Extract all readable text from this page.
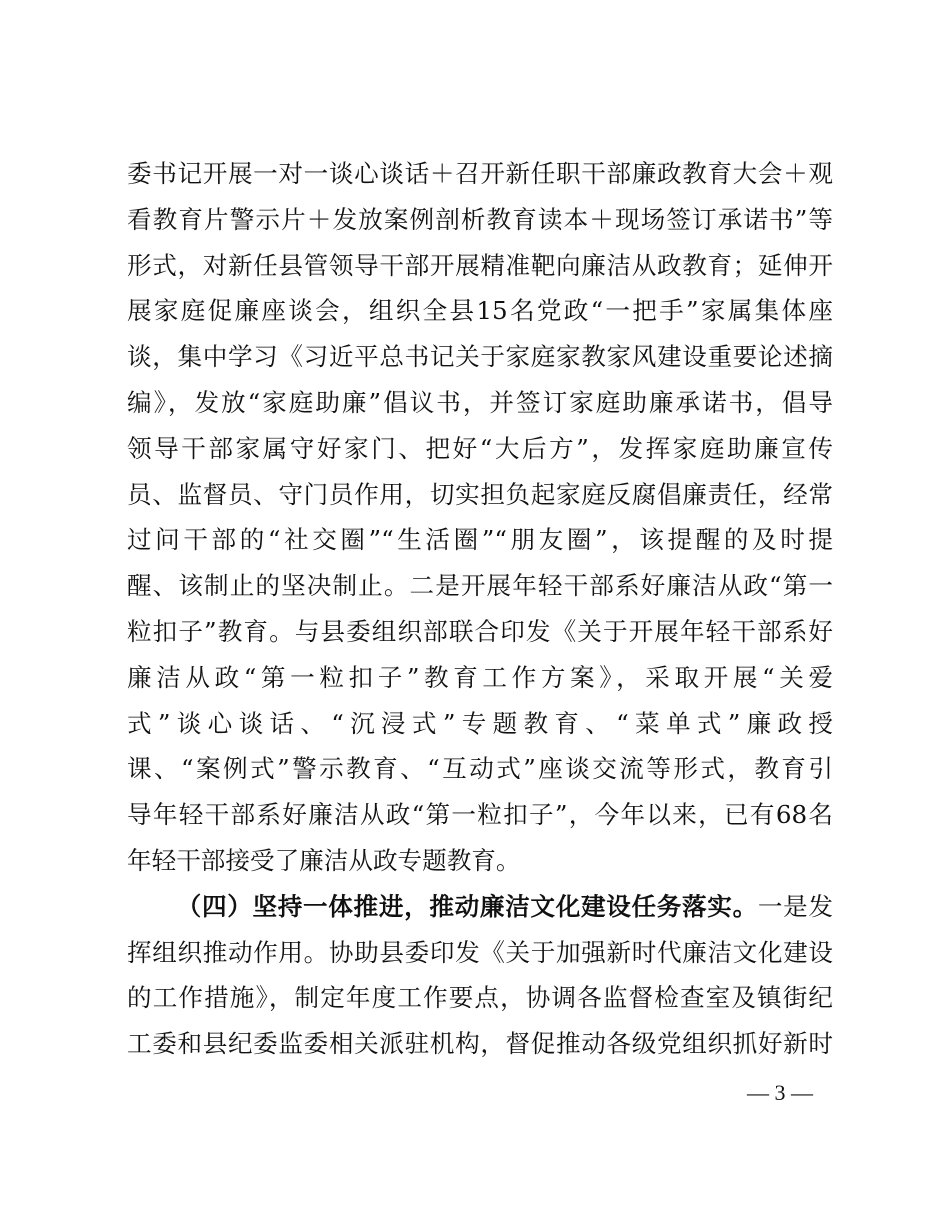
委书记开展一对一谈心谈话＋召开新任职干部廉政教育大会＋观
看教育片警示片＋发放案例剖析教育读本＋现场签订承诺书”等
形式，对新任县管领导干部开展精准靶向廉洁从政教育；延伸开
展家庭促廉座谈会，组织全县15名党政“一把手”家属集体座
谈，集中学习《习近平总书记关于家庭家教家风建设重要论述摘
编》，发放“家庭助廉”倡议书，并签订家庭助廉承诺书，倡导
领导干部家属守好家门、把好“大后方”，发挥家庭助廉宣传
员、监督员、守门员作用，切实担负起家庭反腐倡廉责任，经常
过问干部的“社交圈”“生活圈”“朋友圈”，该提醒的及时提
醒、该制止的坚决制止。二是开展年轻干部系好廉洁从政“第一
粒扣子”教育。与县委组织部联合印发《关于开展年轻干部系好
廉洁从政“第一粒扣子”教育工作方案》，采取开展“关爱
式”谈心谈话、“沉浸式”专题教育、“菜单式”廉政授
课、“案例式”警示教育、“互动式”座谈交流等形式，教育引
导年轻干部系好廉洁从政“第一粒扣子”，今年以来，已有68名
年轻干部接受了廉洁从政专题教育。
（四）坚持一体推进，推动廉洁文化建设任务落实。一是发
挥组织推动作用。协助县委印发《关于加强新时代廉洁文化建设
的工作措施》，制定年度工作要点，协调各监督检查室及镇街纪
工委和县纪委监委相关派驻机构，督促推动各级党组织抓好新时
— 3 —
